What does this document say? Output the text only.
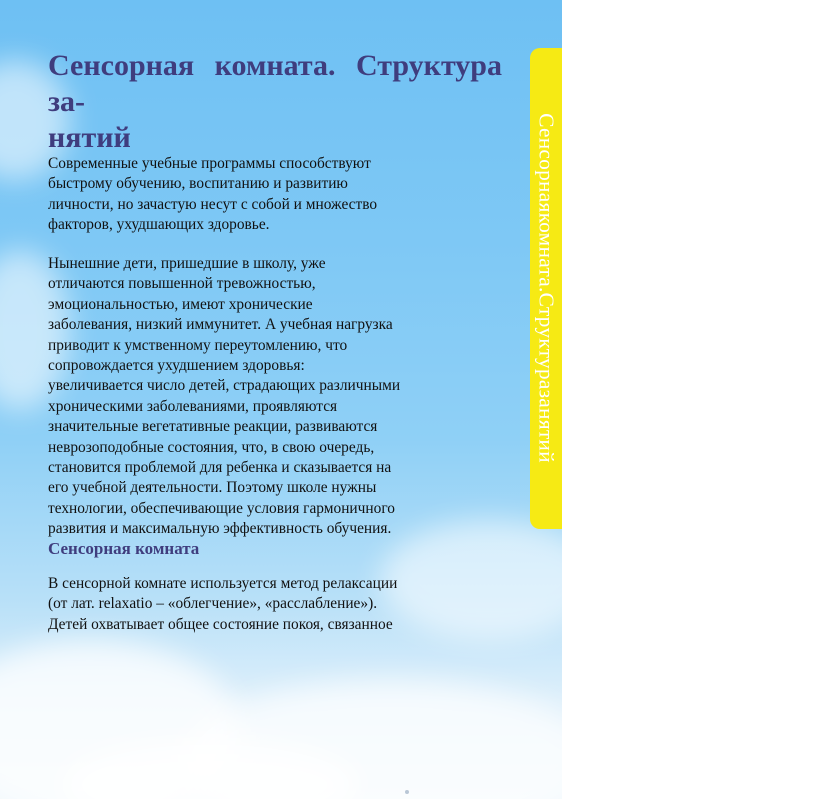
Сенсорная комната. Структура
за-
нятий
Современные учебные программы способствуют
быстрому обучению, воспитанию и развитию
личности, но зачастую несут с собой и множество
факторов, ухудшающих здоровье.
Нынешние дети, пришедшие в школу, уже
отличаются повышенной тревожностью,
эмоциональностью, имеют хронические
заболевания, низкий иммунитет. А учебная нагрузка
приводит к умственному переутомлению, что
сопровождается ухудшением здоровья:
увеличивается число детей, страдающих различными
хроническими заболеваниями, проявляются
значительные вегетативные реакции, развиваются
неврозоподобные состояния, что, в свою очередь,
становится проблемой для ребенка и сказывается на
его учебной деятельности. Поэтому школе нужны
технологии, обеспечивающие условия гармоничного
развития и максимальную эффективность обучения.
Сенсорная комната
В сенсорной комнате используется метод релаксации
(от лат. relaxatio – «облегчение», «расслабление»).
Детей охватывает общее состояние покоя, связанное
Сенсорнаякомната.Структуразанятий
